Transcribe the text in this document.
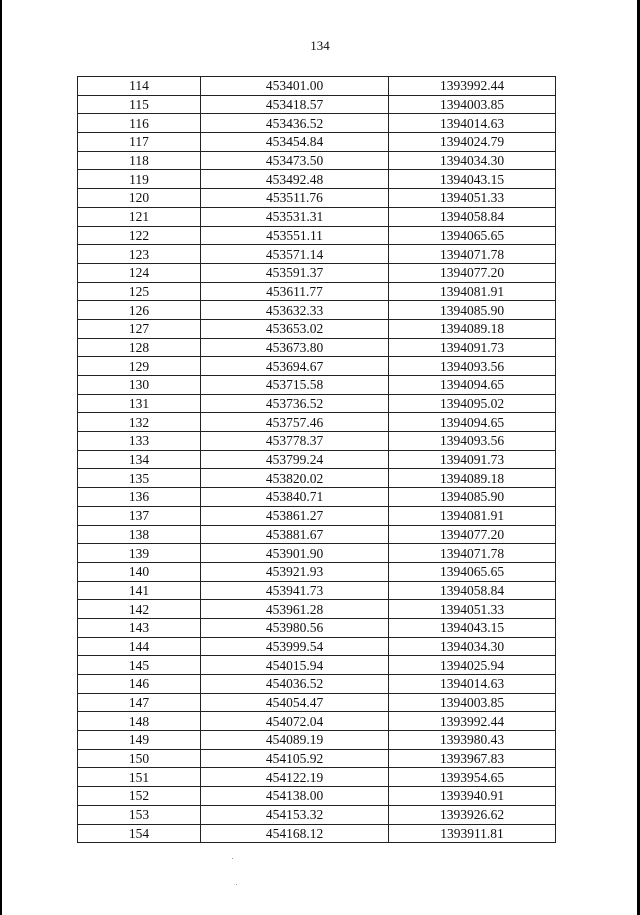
134
114	453401.00	1393992.44
115	453418.57	1394003.85
116	453436.52	1394014.63
117	453454.84	1394024.79
118	453473.50	1394034.30
119	453492.48	1394043.15
120	453511.76	1394051.33
121	453531.31	1394058.84
122	453551.11	1394065.65
123	453571.14	1394071.78
124	453591.37	1394077.20
125	453611.77	1394081.91
126	453632.33	1394085.90
127	453653.02	1394089.18
128	453673.80	1394091.73
129	453694.67	1394093.56
130	453715.58	1394094.65
131	453736.52	1394095.02
132	453757.46	1394094.65
133	453778.37	1394093.56
134	453799.24	1394091.73
135	453820.02	1394089.18
136	453840.71	1394085.90
137	453861.27	1394081.91
138	453881.67	1394077.20
139	453901.90	1394071.78
140	453921.93	1394065.65
141	453941.73	1394058.84
142	453961.28	1394051.33
143	453980.56	1394043.15
144	453999.54	1394034.30
145	454015.94	1394025.94
146	454036.52	1394014.63
147	454054.47	1394003.85
148	454072.04	1393992.44
149	454089.19	1393980.43
150	454105.92	1393967.83
151	454122.19	1393954.65
152	454138.00	1393940.91
153	454153.32	1393926.62
154	454168.12	1393911.81
